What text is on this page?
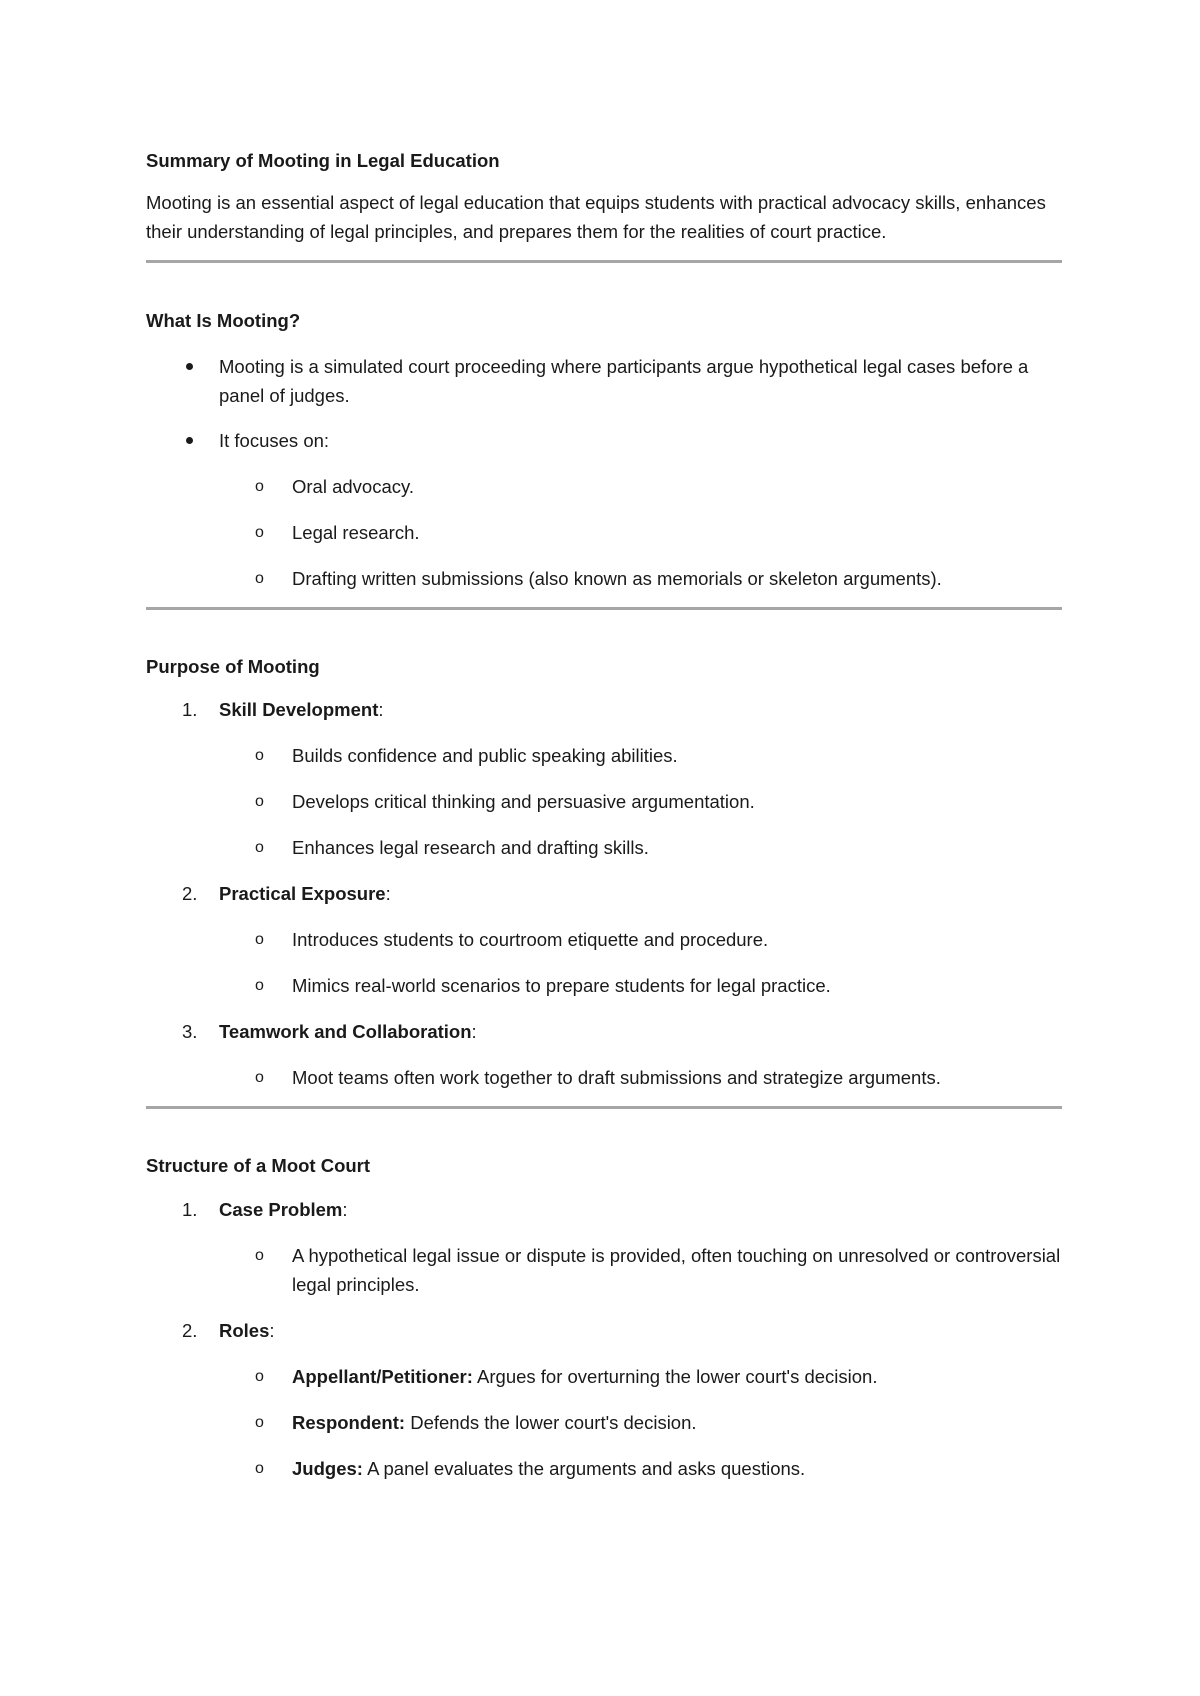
Summary of Mooting in Legal Education

Mooting is an essential aspect of legal education that equips students with practical advocacy skills, enhances their understanding of legal principles, and prepares them for the realities of court practice.

What Is Mooting?
Mooting is a simulated court proceeding where participants argue hypothetical legal cases before a panel of judges.
It focuses on:
o Oral advocacy.
o Legal research.
o Drafting written submissions (also known as memorials or skeleton arguments).
Purpose of Mooting
1. Skill Development:
o Builds confidence and public speaking abilities.
o Develops critical thinking and persuasive argumentation.
o Enhances legal research and drafting skills.
2. Practical Exposure:
o Introduces students to courtroom etiquette and procedure.
o Mimics real-world scenarios to prepare students for legal practice.
3. Teamwork and Collaboration:
o Moot teams often work together to draft submissions and strategize arguments.
Structure of a Moot Court
1. Case Problem:
o A hypothetical legal issue or dispute is provided, often touching on unresolved or controversial legal principles.
2. Roles:
o Appellant/Petitioner: Argues for overturning the lower court's decision.
o Respondent: Defends the lower court's decision.
o Judges: A panel evaluates the arguments and asks questions.
